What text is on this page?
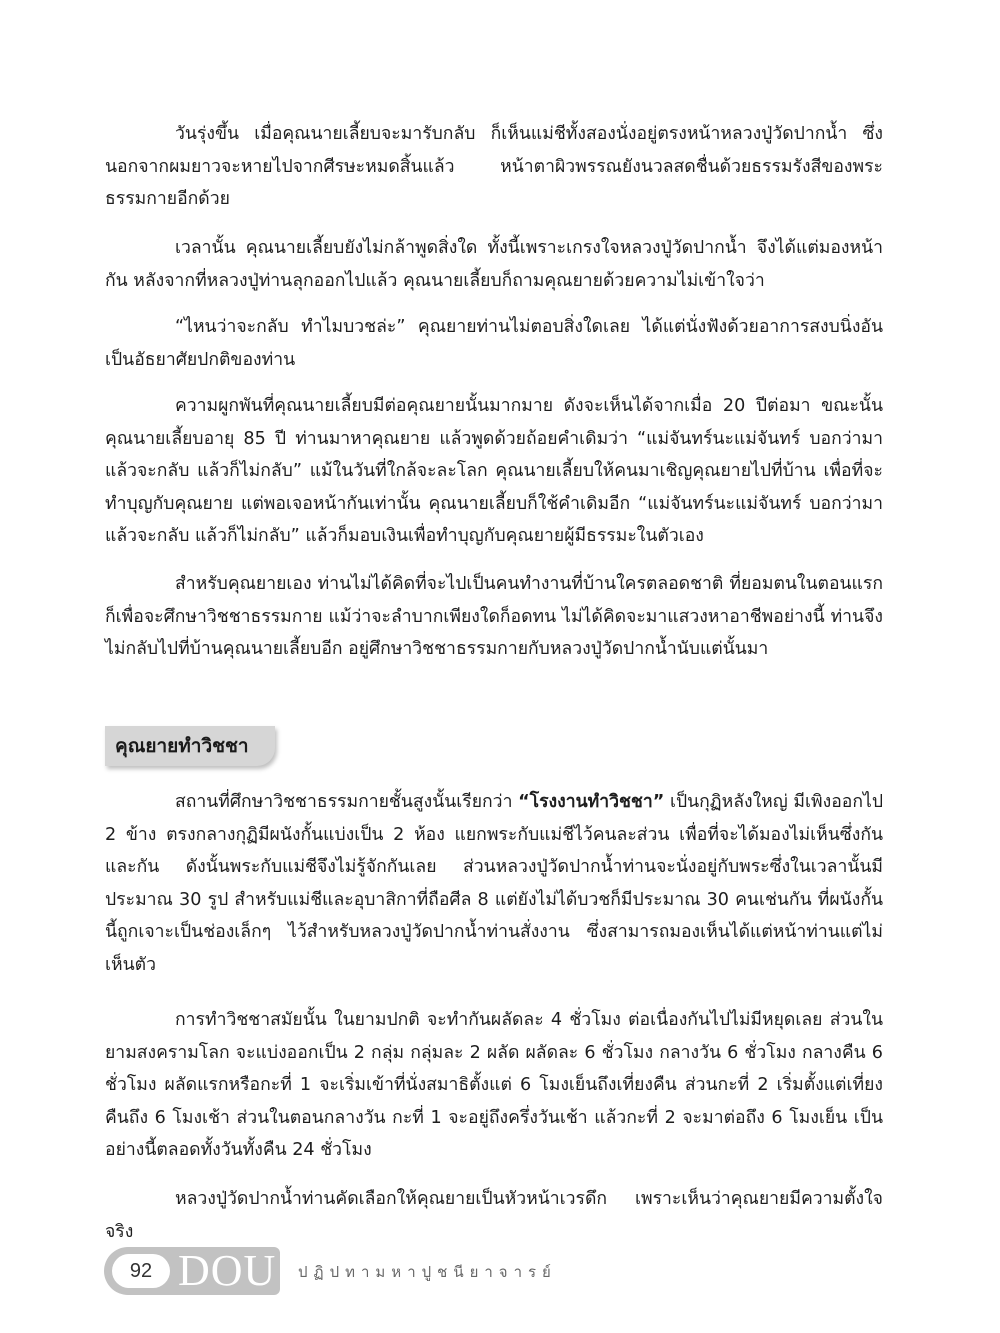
วันรุ่งขึ้น เมื่อคุณนายเลี้ยบจะมารับกลับ ก็เห็นแม่ชีทั้งสองนั่งอยู่ตรงหน้าหลวงปู่วัดปากน้ำ ซึ่งนอกจากผมยาวจะหายไปจากศีรษะหมดสิ้นแล้ว หน้าตาผิวพรรณยังนวลสดชื่นด้วยธรรมรังสีของพระธรรมกายอีกด้วย

เวลานั้น คุณนายเลี้ยบยังไม่กล้าพูดสิ่งใด ทั้งนี้เพราะเกรงใจหลวงปู่วัดปากน้ำ จึงได้แต่มองหน้ากัน หลังจากที่หลวงปู่ท่านลุกออกไปแล้ว คุณนายเลี้ยบก็ถามคุณยายด้วยความไม่เข้าใจว่า

“ไหนว่าจะกลับ ทำไมบวชล่ะ” คุณยายท่านไม่ตอบสิ่งใดเลย ได้แต่นั่งฟังด้วยอาการสงบนิ่งอันเป็นอัธยาศัยปกติของท่าน

ความผูกพันที่คุณนายเลี้ยบมีต่อคุณยายนั้นมากมาย ดังจะเห็นได้จากเมื่อ 20 ปีต่อมา ขณะนั้นคุณนายเลี้ยบอายุ 85 ปี ท่านมาหาคุณยาย แล้วพูดด้วยถ้อยคำเดิมว่า “แม่จันทร์นะแม่จันทร์ บอกว่ามาแล้วจะกลับ แล้วก็ไม่กลับ” แม้ในวันที่ใกล้จะละโลก คุณนายเลี้ยบให้คนมาเชิญคุณยายไปที่บ้าน เพื่อที่จะทำบุญกับคุณยาย แต่พอเจอหน้ากันเท่านั้น คุณนายเลี้ยบก็ใช้คำเดิมอีก “แม่จันทร์นะแม่จันทร์ บอกว่ามาแล้วจะกลับ แล้วก็ไม่กลับ” แล้วก็มอบเงินเพื่อทำบุญกับคุณยายผู้มีธรรมะในตัวเอง

สำหรับคุณยายเอง ท่านไม่ได้คิดที่จะไปเป็นคนทำงานที่บ้านใครตลอดชาติ ที่ยอมตนในตอนแรกก็เพื่อจะศึกษาวิชชาธรรมกาย แม้ว่าจะลำบากเพียงใดก็อดทน ไม่ได้คิดจะมาแสวงหาอาชีพอย่างนี้ ท่านจึงไม่กลับไปที่บ้านคุณนายเลี้ยบอีก อยู่ศึกษาวิชชาธรรมกายกับหลวงปู่วัดปากน้ำนับแต่นั้นมา

คุณยายทำวิชชา

สถานที่ศึกษาวิชชาธรรมกายชั้นสูงนั้นเรียกว่า “โรงงานทำวิชชา” เป็นกุฏิหลังใหญ่ มีเพิงออกไป 2 ข้าง ตรงกลางกุฏิมีผนังกั้นแบ่งเป็น 2 ห้อง แยกพระกับแม่ชีไว้คนละส่วน เพื่อที่จะได้มองไม่เห็นซึ่งกันและกัน ดังนั้นพระกับแม่ชีจึงไม่รู้จักกันเลย ส่วนหลวงปู่วัดปากน้ำท่านจะนั่งอยู่กับพระซึ่งในเวลานั้นมีประมาณ 30 รูป สำหรับแม่ชีและอุบาสิกาที่ถือศีล 8 แต่ยังไม่ได้บวชก็มีประมาณ 30 คนเช่นกัน ที่ผนังกั้นนี้ถูกเจาะเป็นช่องเล็กๆ ไว้สำหรับหลวงปู่วัดปากน้ำท่านสั่งงาน ซึ่งสามารถมองเห็นได้แต่หน้าท่านแต่ไม่เห็นตัว

การทำวิชชาสมัยนั้น ในยามปกติ จะทำกันผลัดละ 4 ชั่วโมง ต่อเนื่องกันไปไม่มีหยุดเลย ส่วนในยามสงครามโลก จะแบ่งออกเป็น 2 กลุ่ม กลุ่มละ 2 ผลัด ผลัดละ 6 ชั่วโมง กลางวัน 6 ชั่วโมง กลางคืน 6 ชั่วโมง ผลัดแรกหรือกะที่ 1 จะเริ่มเข้าที่นั่งสมาธิตั้งแต่ 6 โมงเย็นถึงเที่ยงคืน ส่วนกะที่ 2 เริ่มตั้งแต่เที่ยงคืนถึง 6 โมงเช้า ส่วนในตอนกลางวัน กะที่ 1 จะอยู่ถึงครึ่งวันเช้า แล้วกะที่ 2 จะมาต่อถึง 6 โมงเย็น เป็นอย่างนี้ตลอดทั้งวันทั้งคืน 24 ชั่วโมง

หลวงปู่วัดปากน้ำท่านคัดเลือกให้คุณยายเป็นหัวหน้าเวรดึก เพราะเห็นว่าคุณยายมีความตั้งใจจริง

92 DOU ปฏิปทามหาปูชนียาจารย์
